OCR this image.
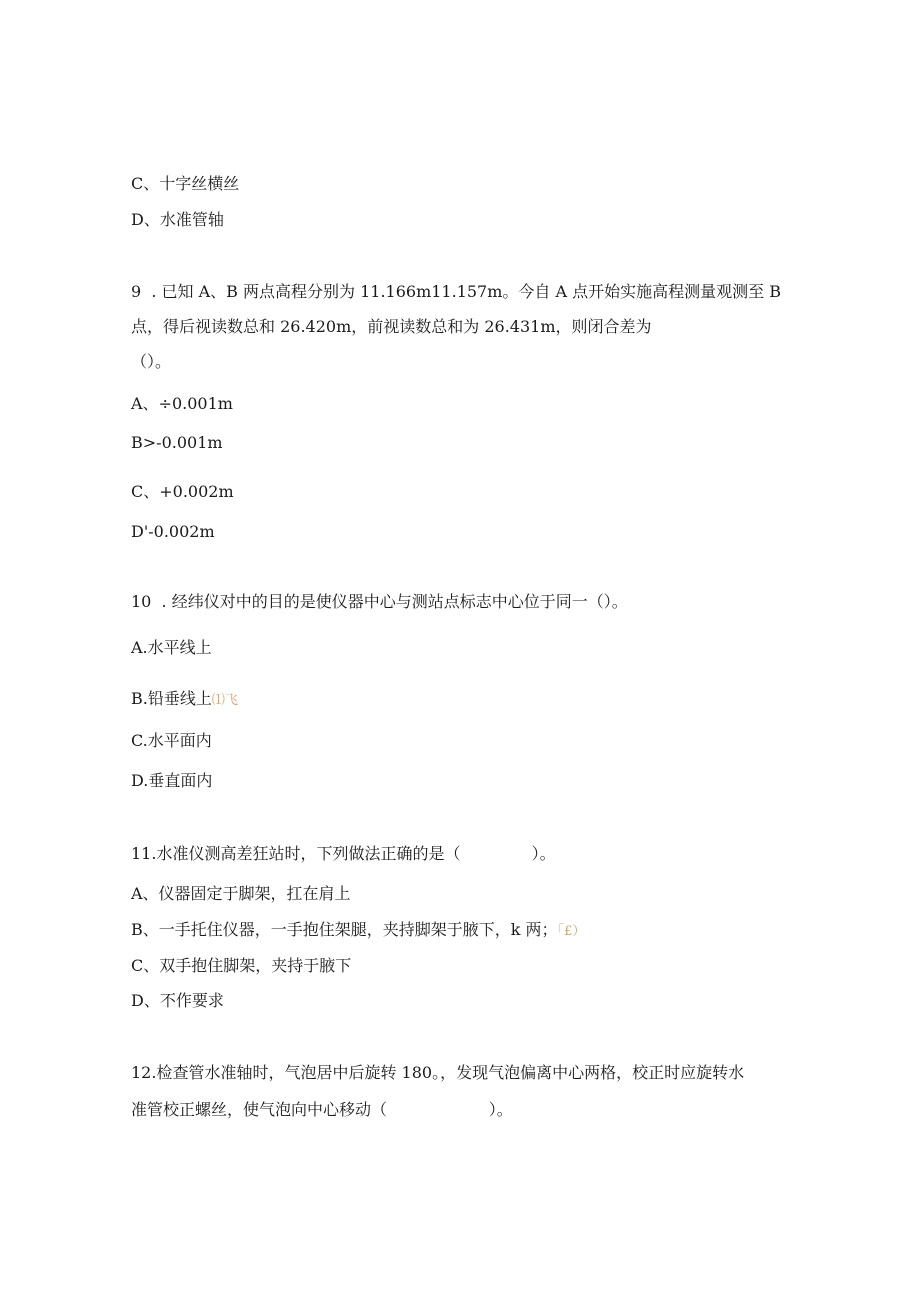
C、十字丝横丝
D、水准管轴
9  . 已知 A、B 两点高程分别为 11.166m11.157m。今自 A 点开始实施高程测量观测至 B
点，得后视读数总和 26.420m，前视读数总和为 26.431m，则闭合差为
（）。
A、÷0.001m
B>-0.001m
C、+0.002m
D'-0.002m
10  . 经纬仪对中的目的是使仪器中心与测站点标志中心位于同一（）。
A.水平线上
B.铅垂线上⑴飞
C.水平面内
D.垂直面内
11.水准仪测高差狂站时，下列做法正确的是（              ）。
A、仪器固定于脚架，扛在肩上
B、一手托住仪器，一手抱住架腿，夹持脚架于腋下，k 两；「£）
C、双手抱住脚架，夹持于腋下
D、不作要求
12.检查管水准轴时，气泡居中后旋转 180。，发现气泡偏离中心两格，校正时应旋转水
准管校正螺丝，使气泡向中心移动（                    ）。
